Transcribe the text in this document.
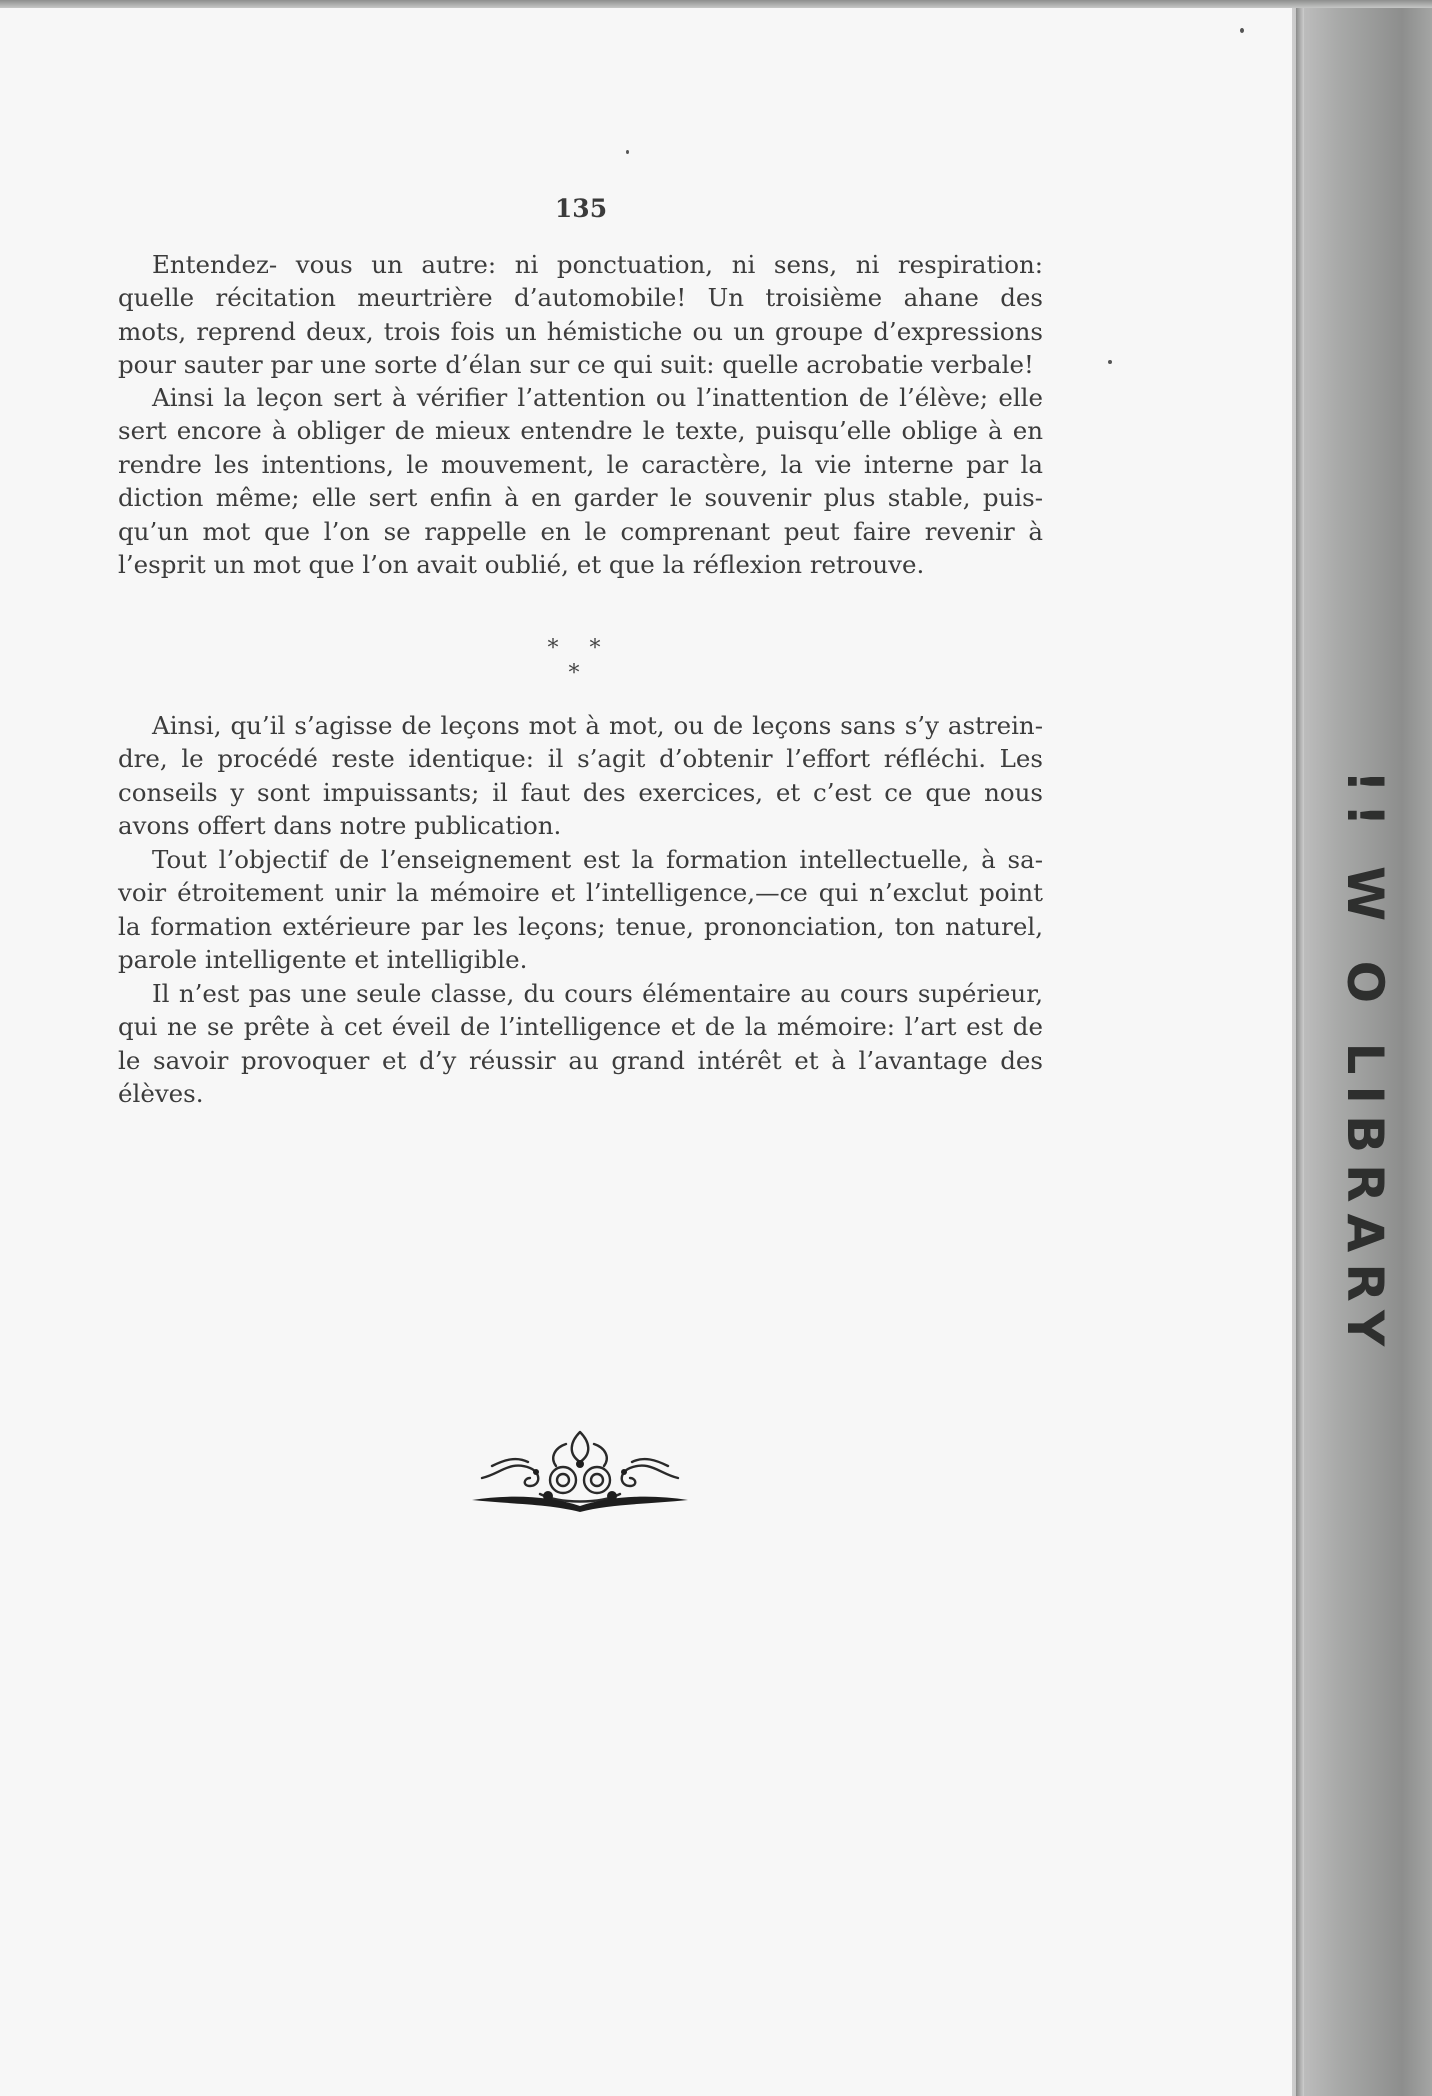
!! W O LIBRARY

135

Entendez- vous un autre: ni ponctuation, ni sens, ni respiration:
quelle récitation meurtrière d’automobile! Un troisième ahane des
mots, reprend deux, trois fois un hémistiche ou un groupe d’expressions
pour sauter par une sorte d’élan sur ce qui suit: quelle acrobatie verbale!
Ainsi la leçon sert à vérifier l’attention ou l’inattention de l’élève; elle
sert encore à obliger de mieux entendre le texte, puisqu’elle oblige à en
rendre les intentions, le mouvement, le caractère, la vie interne par la
diction même; elle sert enfin à en garder le souvenir plus stable, puis-
qu’un mot que l’on se rappelle en le comprenant peut faire revenir à
l’esprit un mot que l’on avait oublié, et que la réflexion retrouve.

* * *

Ainsi, qu’il s’agisse de leçons mot à mot, ou de leçons sans s’y astrein-
dre, le procédé reste identique: il s’agit d’obtenir l’effort réfléchi. Les
conseils y sont impuissants; il faut des exercices, et c’est ce que nous
avons offert dans notre publication.
Tout l’objectif de l’enseignement est la formation intellectuelle, à sa-
voir étroitement unir la mémoire et l’intelligence,—ce qui n’exclut point
la formation extérieure par les leçons; tenue, prononciation, ton naturel,
parole intelligente et intelligible.
Il n’est pas une seule classe, du cours élémentaire au cours supérieur,
qui ne se prête à cet éveil de l’intelligence et de la mémoire: l’art est de
le savoir provoquer et d’y réussir au grand intérêt et à l’avantage des
élèves.
